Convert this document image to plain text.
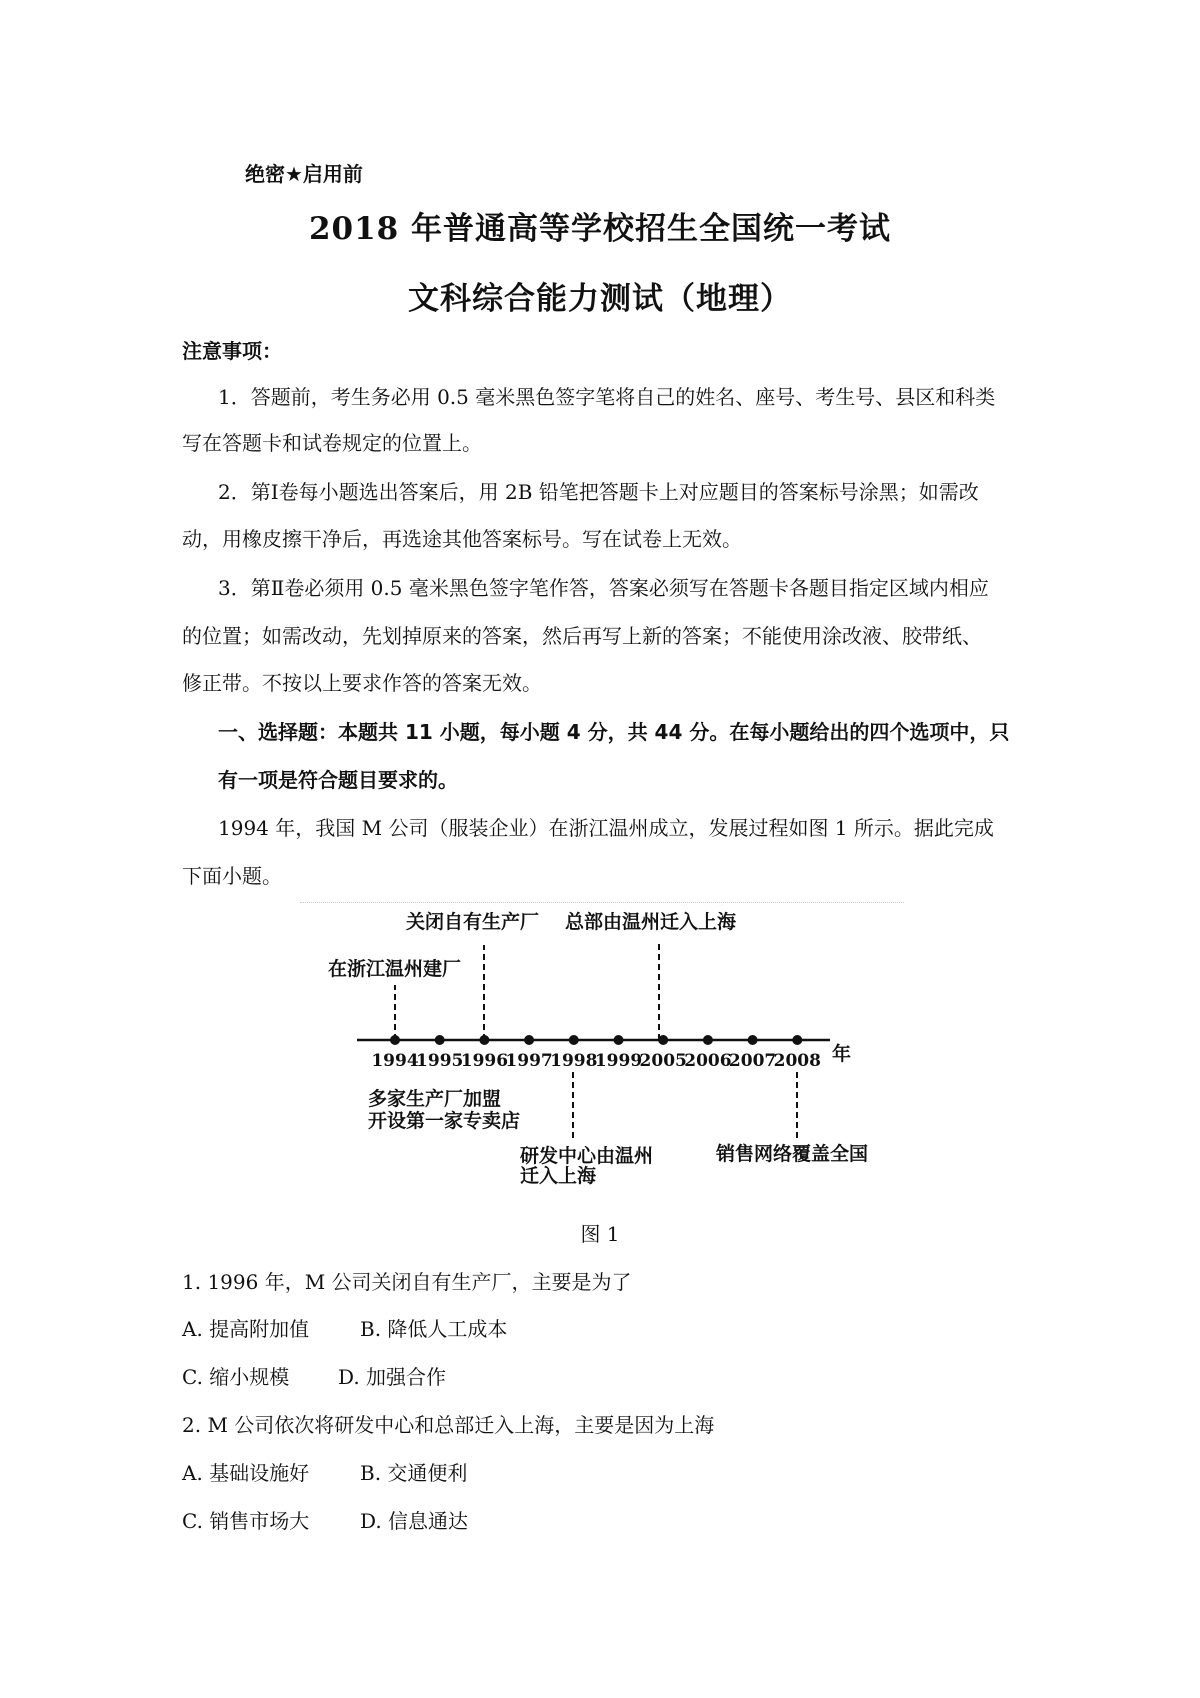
绝密★启用前
2018 年普通高等学校招生全国统一考试
文科综合能力测试（地理）
注意事项：
1．答题前，考生务必用 0.5 毫米黑色签字笔将自己的姓名、座号、考生号、县区和科类
写在答题卡和试卷规定的位置上。
2．第Ⅰ卷每小题选出答案后，用 2B 铅笔把答题卡上对应题目的答案标号涂黑；如需改
动，用橡皮擦干净后，再选途其他答案标号。写在试卷上无效。
3．第Ⅱ卷必须用 0.5 毫米黑色签字笔作答，答案必须写在答题卡各题目指定区域内相应
的位置；如需改动，先划掉原来的答案，然后再写上新的答案；不能使用涂改液、胶带纸、
修正带。不按以上要求作答的答案无效。
一、选择题：本题共 11 小题，每小题 4 分，共 44 分。在每小题给出的四个选项中，只
有一项是符合题目要求的。
1994 年，我国 M 公司（服装企业）在浙江温州成立，发展过程如图 1 所示。据此完成
下面小题。
1994
1995
1996
1997
1998
1999
2005
2006
2007
2008
在浙江温州建厂
关闭自有生产厂 总部由温州迁入上海
多家生产厂加盟
开设第一家专卖店
研发中心由温州
迁入上海
销售网络覆盖全国
年
图 1
1. 1996 年，M 公司关闭自有生产厂，主要是为了
A. 提高附加值	B. 降低人工成本
C. 缩小规模 D. 加强合作
2. M 公司依次将研发中心和总部迁入上海，主要是因为上海
A. 基础设施好	B. 交通便利
C. 销售市场大	D. 信息通达
